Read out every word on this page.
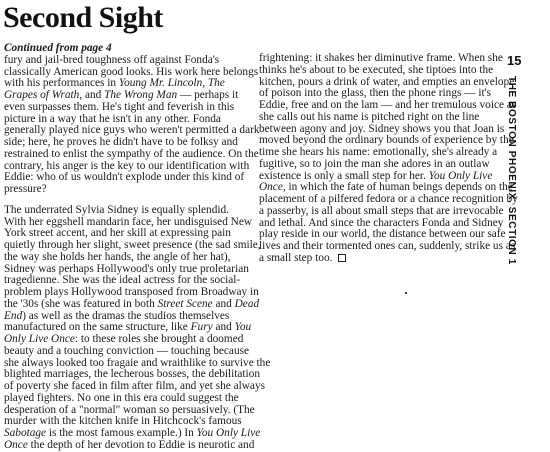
Second Sight
Continued from page 4
fury and jail-bred toughness off against Fonda's
classically American good looks. His work here belongs
with his performances in Young Mr. Lincoln, The
Grapes of Wrath, and The Wrong Man — perhaps it
even surpasses them. He's tight and feverish in this
picture in a way that he isn't in any other. Fonda
generally played nice guys who weren't permitted a dark
side; here, he proves he didn't have to be folksy and
restrained to enlist the sympathy of the audience. On the
contrary, his anger is the key to our identification with
Eddie: who of us wouldn't explode under this kind of
pressure?
The underrated Sylvia Sidney is equally splendid.
With her eggshell mandarin face, her undisguised New
York street accent, and her skill at expressing pain
quietly through her slight, sweet presence (the sad smile,
the way she holds her hands, the angle of her hat),
Sidney was perhaps Hollywood's only true proletarian
tragedienne. She was the ideal actress for the social-
problem plays Hollywood transposed from Broadway in
the '30s (she was featured in both Street Scene and Dead
End) as well as the dramas the studios themselves
manufactured on the same structure, like Fury and You
Only Live Once: to these roles she brought a doomed
beauty and a touching conviction — touching because
she always looked too fragaie and wraithlike to survive the
blighted marriages, the lecherous bosses, the debilitation
of poverty she faced in film after film, and yet she always
played fighters. No one in this era could suggest the
desperation of a "normal" woman so persuasively. (The
murder with the kitchen knife in Hitchcock's famous
Sabotage is the most famous example.) In You Only Live
Once the depth of her devotion to Eddie is neurotic and
frightening: it shakes her diminutive frame. When she
thinks he's about to be executed, she tiptoes into the
kitchen, pours a drink of water, and empties an envelope
of poison into the glass, then the phone rings — it's
Eddie, free and on the lam — and her tremulous voice as
she calls out his name is pitched right on the line
between agony and joy. Sidney shows you that Joan is
moved beyond the ordinary bounds of experience by the
time she hears his name: emotionally, she's already a
fugitive, so to join the man she adores in an outlaw
existence is only a small step for her. You Only Live
Once, in which the fate of human beings depends on the
placement of a pilfered fedora or a chance recognition by
a passerby, is all about small steps that are irrevocable
and lethal. And since the characters Fonda and Sidney
play reside in our world, the distance between our safe
lives and their tormented ones can, suddenly, strike us as
a small step too.
15
THE BOSTON PHOENIX, SECTION 1
